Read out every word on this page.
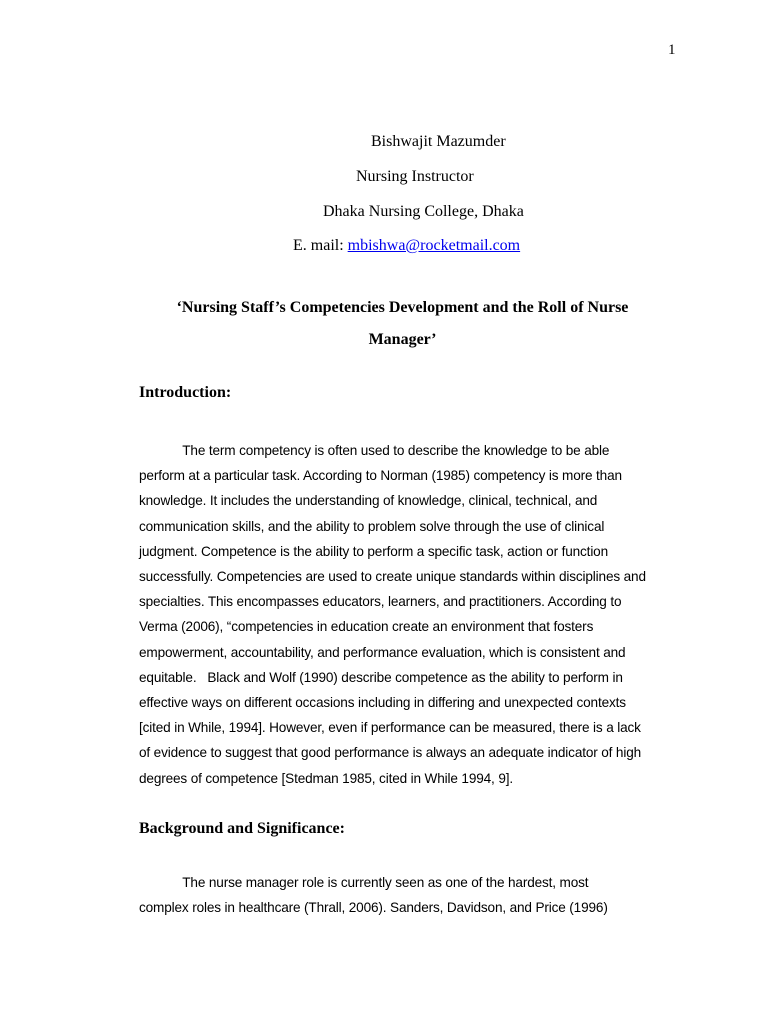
1
Bishwajit Mazumder
Nursing Instructor
Dhaka Nursing College, Dhaka
E. mail: mbishwa@rocketmail.com
‘Nursing Staff’s Competencies Development and the Roll of Nurse
Manager’
Introduction:
The term competency is often used to describe the knowledge to be able
perform at a particular task. According to Norman (1985) competency is more than
knowledge. It includes the understanding of knowledge, clinical, technical, and
communication skills, and the ability to problem solve through the use of clinical
judgment. Competence is the ability to perform a specific task, action or function
successfully. Competencies are used to create unique standards within disciplines and
specialties. This encompasses educators, learners, and practitioners. According to
Verma (2006), “competencies in education create an environment that fosters
empowerment, accountability, and performance evaluation, which is consistent and
equitable.   Black and Wolf (1990) describe competence as the ability to perform in
effective ways on different occasions including in differing and unexpected contexts
[cited in While, 1994]. However, even if performance can be measured, there is a lack
of evidence to suggest that good performance is always an adequate indicator of high
degrees of competence [Stedman 1985, cited in While 1994, 9].
Background and Significance:
The nurse manager role is currently seen as one of the hardest, most
complex roles in healthcare (Thrall, 2006). Sanders, Davidson, and Price (1996)
